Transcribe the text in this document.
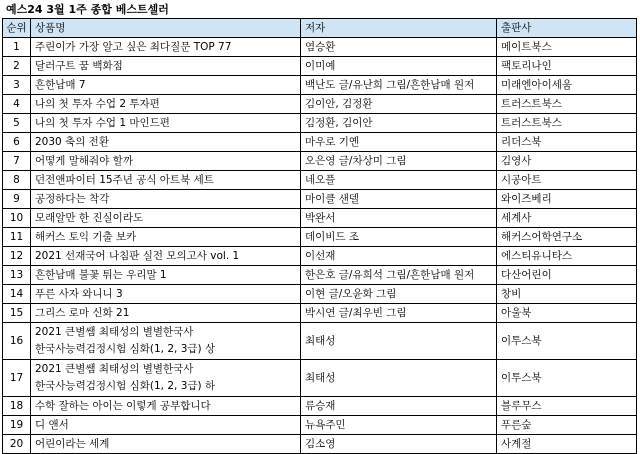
예스24 3월 1주 종합 베스트셀러
순위	상품명	저자	출판사
1	주린이가 가장 알고 싶은 최다질문 TOP 77	염승환	메이트북스
2	달러구트 꿈 백화점	이미예	팩토리나인
3	흔한남매 7	백난도 글/유난희 그림/흔한남매 원저	미래엔아이세움
4	나의 첫 투자 수업 2 투자편	김이안, 김정환	트러스트북스
5	나의 첫 투자 수업 1 마인드편	김정환, 김이안	트러스트북스
6	2030 축의 전환	마우로 기옌	리더스북
7	어떻게 말해줘야 할까	오은영 글/차상미 그림	김영사
8	던전앤파이터 15주년 공식 아트북 세트	네오플	시공아트
9	공정하다는 착각	마이클 샌델	와이즈베리
10	모래알만 한 진실이라도	박완서	세계사
11	해커스 토익 기출 보카	데이비드 조	해커스어학연구소
12	2021 선재국어 나침판 실전 모의고사 vol. 1	이선재	에스티유니타스
13	흔한남매 불꽃 튀는 우리말 1	한은호 글/유희석 그림/흔한남매 원저	다산어린이
14	푸른 사자 와니니 3	이현 글/오윤화 그림	창비
15	그리스 로마 신화 21	박시연 글/최우빈 그림	아울북
16	2021 큰별쌤 최태성의 별별한국사
한국사능력검정시험 심화(1, 2, 3급) 상	최태성	이투스북
17	2021 큰별쌤 최태성의 별별한국사
한국사능력검정시험 심화(1, 2, 3급) 하	최태성	이투스북
18	수학 잘하는 아이는 이렇게 공부합니다	류승재	블루무스
19	디 앤서	뉴욕주민	푸른숲
20	어린이라는 세계	김소영	사계절
